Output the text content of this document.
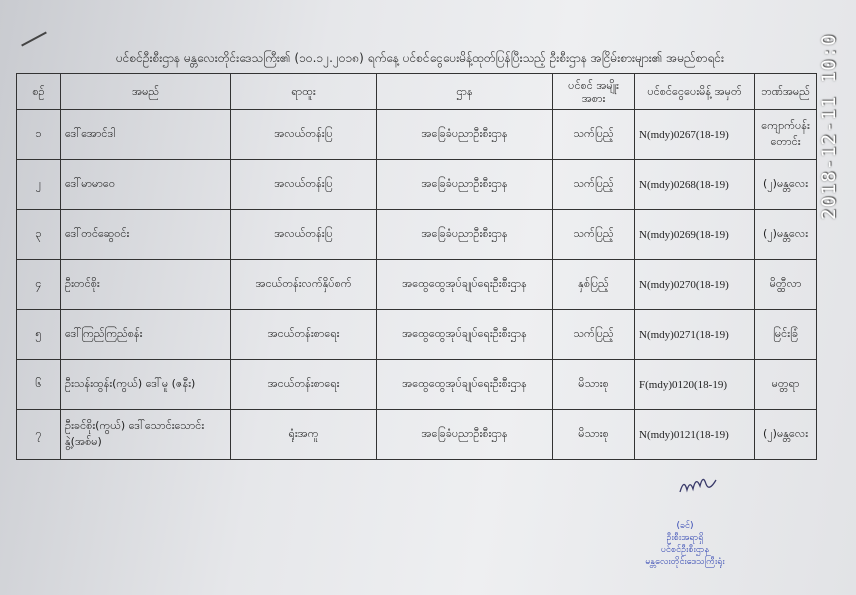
ပင်စင်ဦးစီးဌာန မန္တလေးတိုင်းဒေသကြီး၏ (၁၀.၁၂.၂၀၁၈) ရက်နေ့ ပင်စင်ငွေပေးမိန့်ထုတ်ပြန်ပြီးသည့် ဦးစီးဌာန အငြိမ်းစားများ၏ အမည်စာရင်း	2018-12-11 10:0
စဉ်	အမည်	ရာထူး	ဌာန	ပင်စင် အမျိုးအစား	ပင်စင်ငွေပေးမိန့် အမှတ်	ဘဏ်အမည်
၁	ဒေါ်အောင်ဒါ	အလယ်တန်းပြ	အခြေခံပညာဦးစီးဌာန	သက်ပြည့်	N(mdy)0267(18-19)	ကျောက်ပန်း တောင်း
၂	ဒေါ်မာမာဝေ	အလယ်တန်းပြ	အခြေခံပညာဦးစီးဌာန	သက်ပြည့်	N(mdy)0268(18-19)	(၂)မန္တလေး
၃	ဒေါ်တင်ဆွေဝင်း	အလယ်တန်းပြ	အခြေခံပညာဦးစီးဌာန	သက်ပြည့်	N(mdy)0269(18-19)	(၂)မန္တလေး
၄	ဦးတင်စိုး	အငယ်တန်းလက်နှိပ်စက်	အထွေထွေအုပ်ချုပ်ရေးဦးစီးဌာန	နှစ်ပြည့်	N(mdy)0270(18-19)	မိတ္ထီလာ
၅	ဒေါ်ကြည်ကြည်စန်း	အငယ်တန်းစာရေး	အထွေထွေအုပ်ချုပ်ရေးဦးစီးဌာန	သက်ပြည့်	N(mdy)0271(18-19)	မြင်းခြံ
၆	ဦးသန်းထွန်း(ကွယ်) ဒေါ်မူ (ဇနီး)	အငယ်တန်းစာရေး	အထွေထွေအုပ်ချုပ်ရေးဦးစီးဌာန	မိသားစု	F(mdy)0120(18-19)	မတ္တရာ
၇	ဦးခင်စိုး(ကွယ်) ဒေါ်သောင်းသောင်းနွဲ့(အစ်မ)	ရုံးအကူ	အခြေခံပညာဦးစီးဌာန	မိသားစု	N(mdy)0121(18-19)	(၂)မန္တလေး
(ခင်)
ဦးစီးအရာရှိ
ပင်စင်ဦးစီးဌာန
မန္တလေးတိုင်းဒေသကြီးရုံး
